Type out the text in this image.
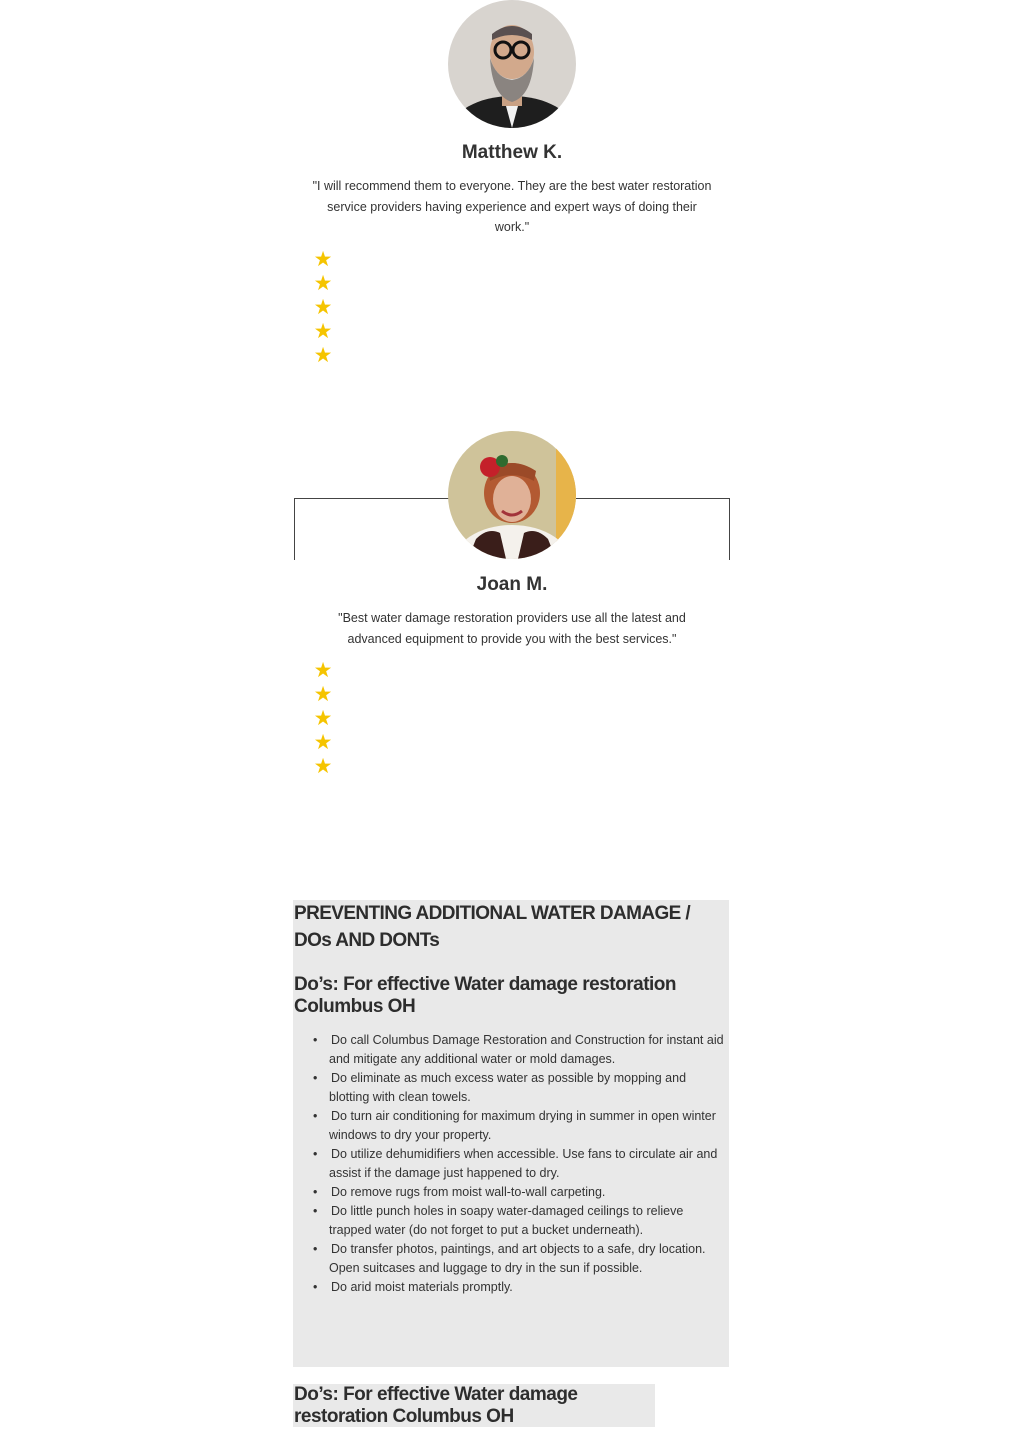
Matthew K.
"I will recommend them to everyone. They are the best water restoration service providers having experience and expert ways of doing their work."
★
★
★
★
★
Joan M.
"Best water damage restoration providers use all the latest and advanced equipment to provide you with the best services."
★
★
★
★
★
PREVENTING ADDITIONAL WATER DAMAGE / DOs AND DONTs
Do’s: For effective Water damage restoration Columbus OH
• Do call Columbus Damage Restoration and Construction for instant aid and mitigate any additional water or mold damages.
• Do eliminate as much excess water as possible by mopping and blotting with clean towels.
• Do turn air conditioning for maximum drying in summer in open winter windows to dry your property.
• Do utilize dehumidifiers when accessible. Use fans to circulate air and assist if the damage just happened to dry.
• Do remove rugs from moist wall-to-wall carpeting.
• Do little punch holes in soapy water-damaged ceilings to relieve trapped water (do not forget to put a bucket underneath).
• Do transfer photos, paintings, and art objects to a safe, dry location. Open suitcases and luggage to dry in the sun if possible.
• Do arid moist materials promptly.
Do’s: For effective Water damage restoration Columbus OH
